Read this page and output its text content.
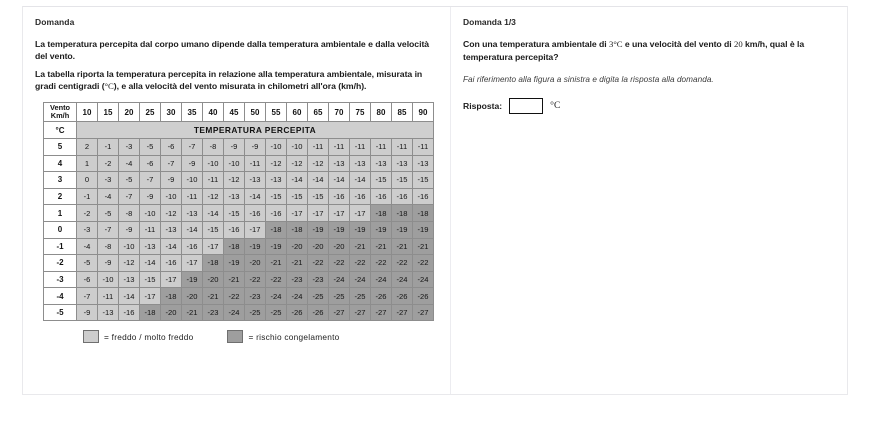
Domanda

La temperatura percepita dal corpo umano dipende dalla temperatura ambientale e dalla velocità del vento.

La tabella riporta la temperatura percepita in relazione alla temperatura ambientale, misurata in gradi centigradi (°C), e alla velocità del vento misurata in chilometri all'ora (km/h).

Vento
Km/h	10	15	20	25	30	35	40	45	50	55	60	65	70	75	80	85	90
°C	TEMPERATURA PERCEPITA																
5	2	-1	-3	-5	-6	-7	-8	-9	-9	-10	-10	-11	-11	-11	-11	-11	-11
4	1	-2	-4	-6	-7	-9	-10	-10	-11	-12	-12	-12	-13	-13	-13	-13	-13
3	0	-3	-5	-7	-9	-10	-11	-12	-13	-13	-14	-14	-14	-14	-15	-15	-15
2	-1	-4	-7	-9	-10	-11	-12	-13	-14	-15	-15	-15	-16	-16	-16	-16	-16
1	-2	-5	-8	-10	-12	-13	-14	-15	-16	-16	-17	-17	-17	-17	-18	-18	-18
0	-3	-7	-9	-11	-13	-14	-15	-16	-17	-18	-18	-19	-19	-19	-19	-19	-19
-1	-4	-8	-10	-13	-14	-16	-17	-18	-19	-19	-20	-20	-20	-21	-21	-21	-21
-2	-5	-9	-12	-14	-16	-17	-18	-19	-20	-21	-21	-22	-22	-22	-22	-22	-22
-3	-6	-10	-13	-15	-17	-19	-20	-21	-22	-22	-23	-23	-24	-24	-24	-24	-24
-4	-7	-11	-14	-17	-18	-20	-21	-22	-23	-24	-24	-25	-25	-25	-26	-26	-26
-5	-9	-13	-16	-18	-20	-21	-23	-24	-25	-25	-26	-26	-27	-27	-27	-27	-27
= freddo / molto freddo	= rischio congelamento
Domanda 1/3

Con una temperatura ambientale di 3°C e una velocità del vento di 20 km/h, qual è la temperatura percepita?

Fai riferimento alla figura a sinistra e digita la risposta alla domanda.

Risposta:	°C
